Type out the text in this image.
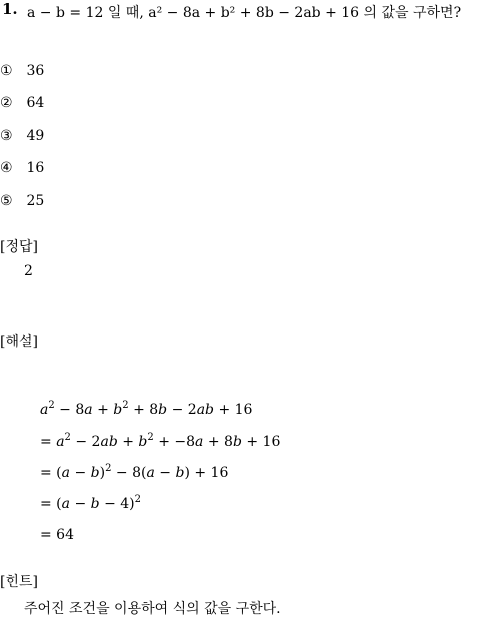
1. a − b = 12 일 때, a² − 8a + b² + 8b − 2ab + 16 의 값을 구하면?
① 36
② 64
③ 49
④ 16
⑤ 25
[정답]
2
[해설]
$a^2 - 8a + b^2 + 8b - 2ab + 16$
= $a^2 - 2ab + b^2 + -8a + 8b + 16$
= $(a - b)^2 - 8(a - b) + 16$
= $(a - b - 4)^2$
= 64
[힌트]
주어진 조건을 이용하여 식의 값을 구한다.
